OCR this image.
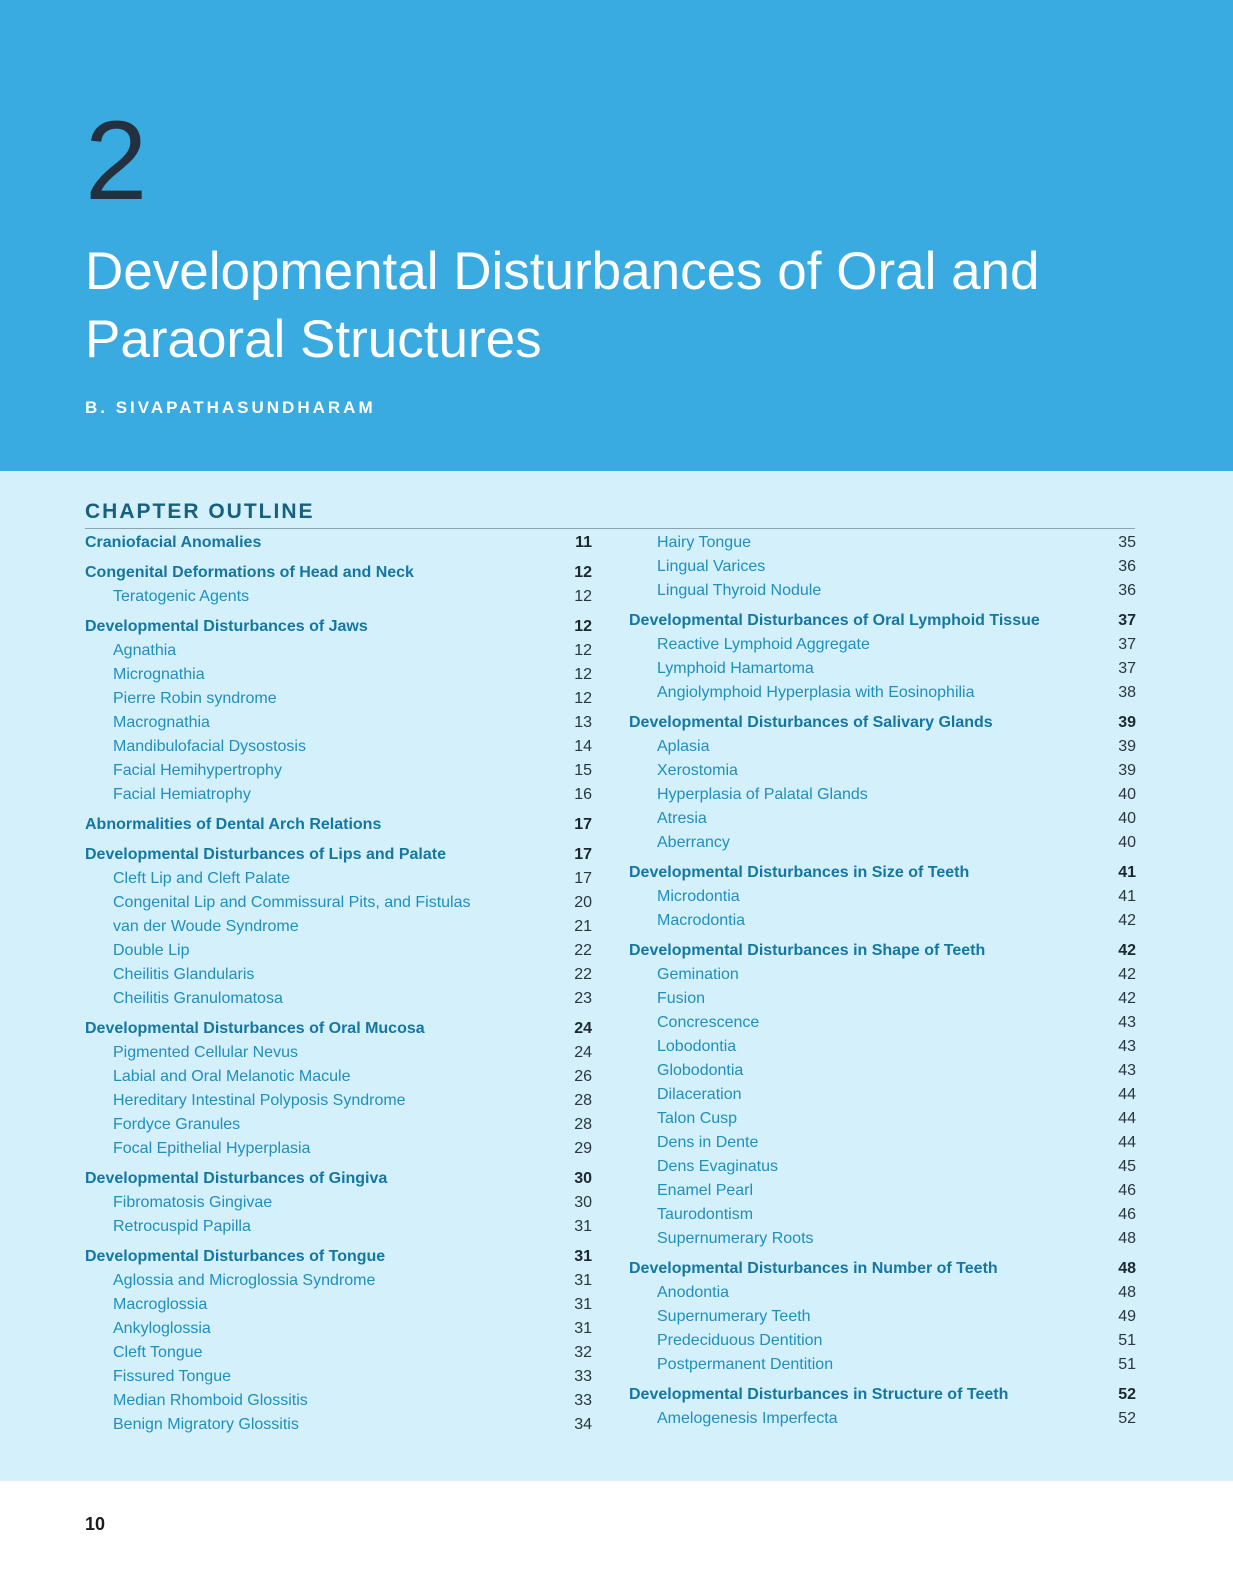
2
Developmental Disturbances of Oral and Paraoral Structures
B. SIVAPATHASUNDHARAM
CHAPTER OUTLINE
Craniofacial Anomalies	11
Congenital Deformations of Head and Neck	12
Teratogenic Agents	12
Developmental Disturbances of Jaws	12
Agnathia	12
Micrognathia	12
Pierre Robin syndrome	12
Macrognathia	13
Mandibulofacial Dysostosis	14
Facial Hemihypertrophy	15
Facial Hemiatrophy	16
Abnormalities of Dental Arch Relations	17
Developmental Disturbances of Lips and Palate	17
Cleft Lip and Cleft Palate	17
Congenital Lip and Commissural Pits, and Fistulas	20
van der Woude Syndrome	21
Double Lip	22
Cheilitis Glandularis	22
Cheilitis Granulomatosa	23
Developmental Disturbances of Oral Mucosa	24
Pigmented Cellular Nevus	24
Labial and Oral Melanotic Macule	26
Hereditary Intestinal Polyposis Syndrome	28
Fordyce Granules	28
Focal Epithelial Hyperplasia	29
Developmental Disturbances of Gingiva	30
Fibromatosis Gingivae	30
Retrocuspid Papilla	31
Developmental Disturbances of Tongue	31
Aglossia and Microglossia Syndrome	31
Macroglossia	31
Ankyloglossia	31
Cleft Tongue	32
Fissured Tongue	33
Median Rhomboid Glossitis	33
Benign Migratory Glossitis	34
Hairy Tongue	35
Lingual Varices	36
Lingual Thyroid Nodule	36
Developmental Disturbances of Oral Lymphoid Tissue	37
Reactive Lymphoid Aggregate	37
Lymphoid Hamartoma	37
Angiolymphoid Hyperplasia with Eosinophilia	38
Developmental Disturbances of Salivary Glands	39
Aplasia	39
Xerostomia	39
Hyperplasia of Palatal Glands	40
Atresia	40
Aberrancy	40
Developmental Disturbances in Size of Teeth	41
Microdontia	41
Macrodontia	42
Developmental Disturbances in Shape of Teeth	42
Gemination	42
Fusion	42
Concrescence	43
Lobodontia	43
Globodontia	43
Dilaceration	44
Talon Cusp	44
Dens in Dente	44
Dens Evaginatus	45
Enamel Pearl	46
Taurodontism	46
Supernumerary Roots	48
Developmental Disturbances in Number of Teeth	48
Anodontia	48
Supernumerary Teeth	49
Predeciduous Dentition	51
Postpermanent Dentition	51
Developmental Disturbances in Structure of Teeth	52
Amelogenesis Imperfecta	52
10
